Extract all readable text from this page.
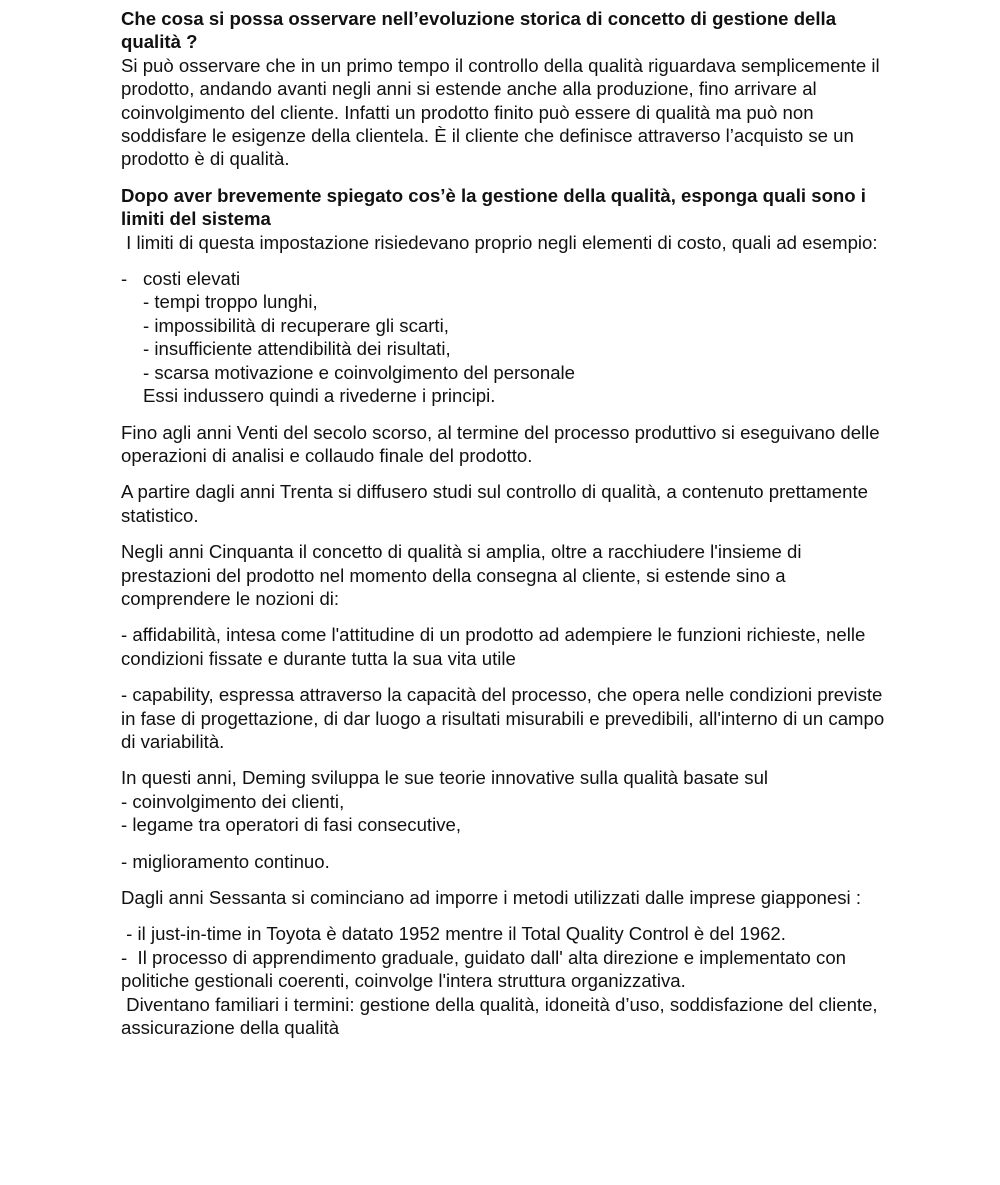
Che cosa si possa osservare nell’evoluzione storica di concetto di gestione della qualità ?

Si può osservare che in un primo tempo il controllo della qualità riguardava semplicemente il prodotto, andando avanti negli anni si estende anche alla produzione, fino arrivare al coinvolgimento del cliente. Infatti un prodotto finito può essere di qualità ma può non soddisfare le esigenze della clientela. È il cliente che definisce attraverso l’acquisto se un prodotto è di qualità.

Dopo aver brevemente spiegato cos’è la gestione della qualità, esponga quali sono i limiti del sistema

I limiti di questa impostazione risiedevano proprio negli elementi di costo, quali ad esempio:

- costi elevati
- tempi troppo lunghi,
- impossibilità di recuperare gli scarti,
- insufficiente attendibilità dei risultati,
- scarsa motivazione e coinvolgimento del personale
Essi indussero quindi a rivederne i principi.

Fino agli anni Venti del secolo scorso, al termine del processo produttivo si eseguivano delle operazioni di analisi e collaudo finale del prodotto.

A partire dagli anni Trenta si diffusero studi sul controllo di qualità, a contenuto prettamente statistico.

Negli anni Cinquanta il concetto di qualità si amplia, oltre a racchiudere l'insieme di prestazioni del prodotto nel momento della consegna al cliente, si estende sino a comprendere le nozioni di:

- affidabilità, intesa come l'attitudine di un prodotto ad adempiere le funzioni richieste, nelle condizioni fissate e durante tutta la sua vita utile

- capability, espressa attraverso la capacità del processo, che opera nelle condizioni previste in fase di progettazione, di dar luogo a risultati misurabili e prevedibili, all'interno di un campo di variabilità.

In questi anni, Deming sviluppa le sue teorie innovative sulla qualità basate sul
- coinvolgimento dei clienti,
- legame tra operatori di fasi consecutive,

- miglioramento continuo.

Dagli anni Sessanta si cominciano ad imporre i metodi utilizzati dalle imprese giapponesi :

- il just-in-time in Toyota è datato 1952 mentre il Total Quality Control è del 1962.
-  Il processo di apprendimento graduale, guidato dall' alta direzione e implementato con politiche gestionali coerenti, coinvolge l'intera struttura organizzativa.
Diventano familiari i termini: gestione della qualità, idoneità d’uso, soddisfazione del cliente, assicurazione della qualità
